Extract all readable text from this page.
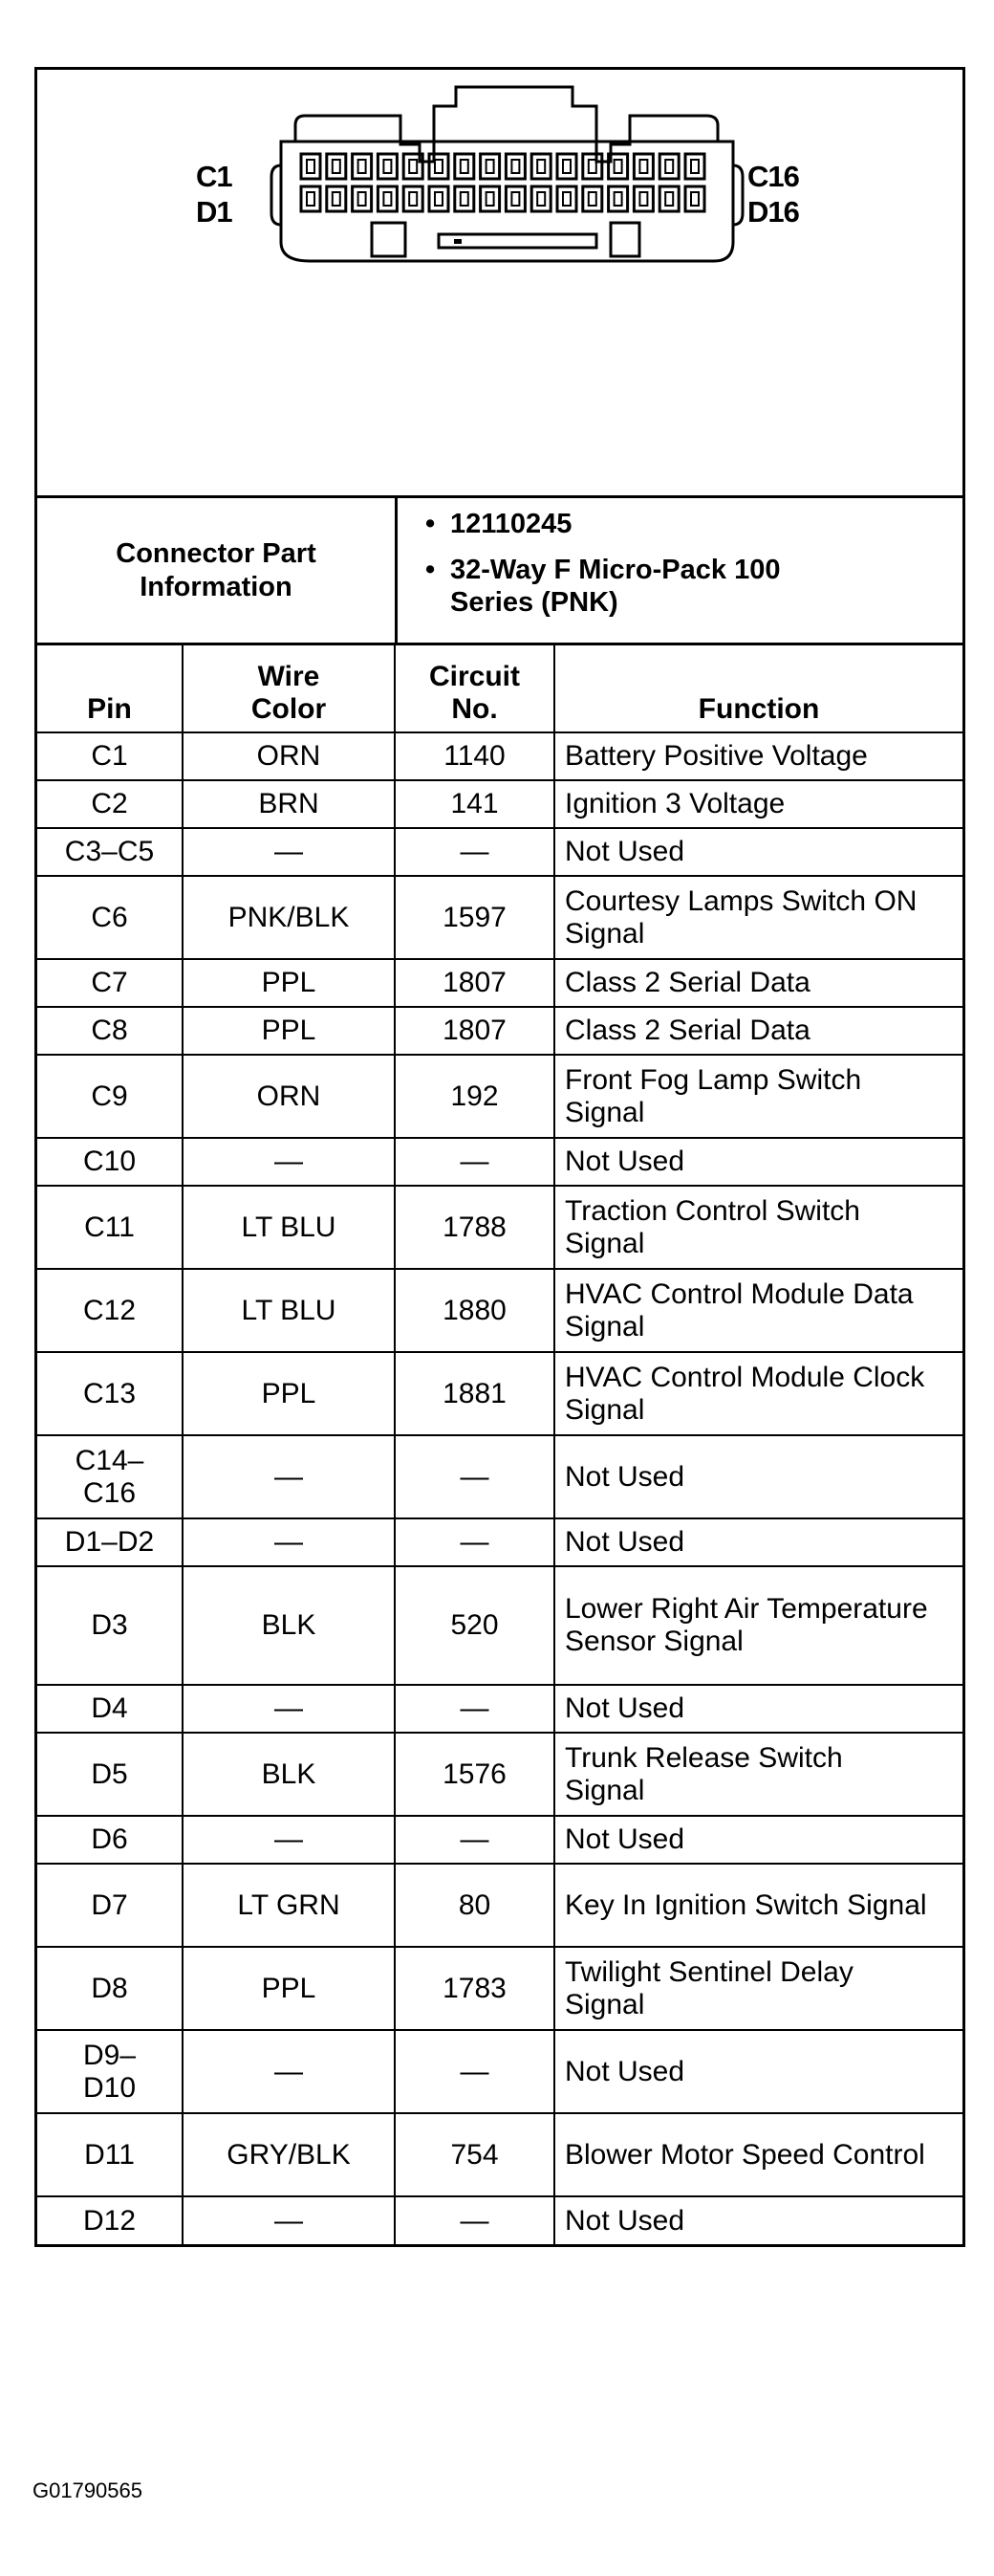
C1
D1
C16
D16
Connector Part
Information
• 12110245
• 32-Way F Micro-Pack 100 Series (PNK)
Pin	Wire Color	Circuit No.	Function
C1	ORN	1140	Battery Positive Voltage

C2	BRN	141	Ignition 3 Voltage

C3–C5	—	—	Not Used

C6	PNK/BLK	1597	Courtesy Lamps Switch ON Signal

C7	PPL	1807	Class 2 Serial Data

C8	PPL	1807	Class 2 Serial Data

C9	ORN	192	Front Fog Lamp Switch Signal

C10	—	—	Not Used

C11	LT BLU	1788	Traction Control Switch Signal

C12	LT BLU	1880	HVAC Control Module Data Signal

C13	PPL	1881	HVAC Control Module Clock Signal

C14–C16	—	—	Not Used

D1–D2	—	—	Not Used

D3	BLK	520	Lower Right Air Temperature Sensor Signal

D4	—	—	Not Used

D5	BLK	1576	Trunk Release Switch Signal

D6	—	—	Not Used

D7	LT GRN	80	Key In Ignition Switch Signal

D8	PPL	1783	Twilight Sentinel Delay Signal

D9–D10	—	—	Not Used

D11	GRY/BLK	754	Blower Motor Speed Control

D12	—	—	Not Used
G01790565
